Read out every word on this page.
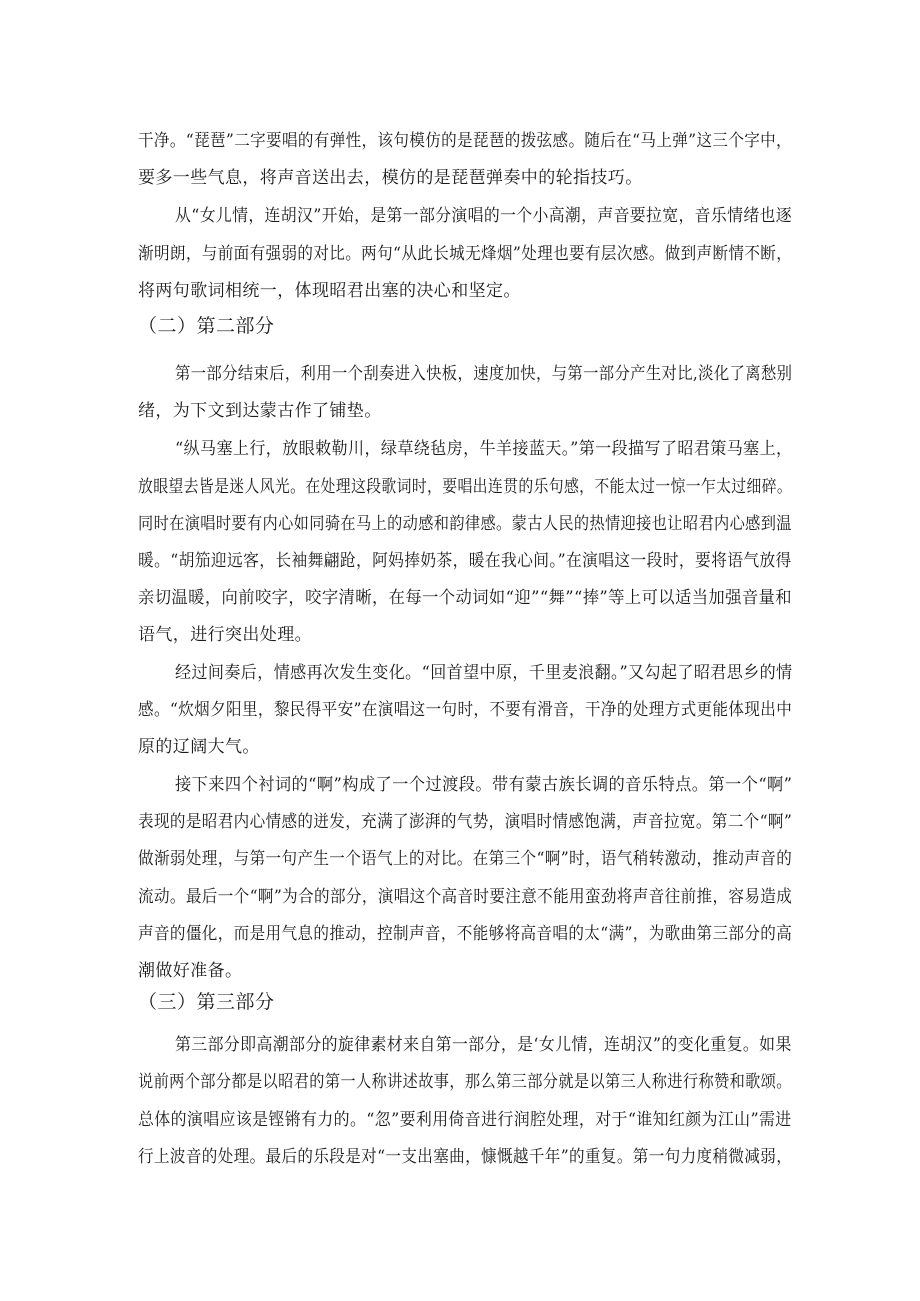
干净。“琵琶”二字要唱的有弹性，该句模仿的是琵琶的拨弦感。随后在“马上弹”这三个字中，
要多一些气息，将声音送出去，模仿的是琵琶弹奏中的轮指技巧。
从“女儿情，连胡汉”开始，是第一部分演唱的一个小高潮，声音要拉宽，音乐情绪也逐
渐明朗，与前面有强弱的对比。两句“从此长城无烽烟”处理也要有层次感。做到声断情不断，
将两句歌词相统一，体现昭君出塞的决心和坚定。
（二）第二部分
第一部分结束后，利用一个刮奏进入快板，速度加快，与第一部分产生对比,淡化了离愁别
绪，为下文到达蒙古作了铺垫。
“纵马塞上行，放眼敕勒川，绿草绕毡房，牛羊接蓝天。”第一段描写了昭君策马塞上，
放眼望去皆是迷人风光。在处理这段歌词时，要唱出连贯的乐句感，不能太过一惊一乍太过细碎。
同时在演唱时要有内心如同骑在马上的动感和韵律感。蒙古人民的热情迎接也让昭君内心感到温
暖。“胡笳迎远客，长袖舞翩跄，阿妈捧奶茶，暖在我心间。”在演唱这一段时，要将语气放得
亲切温暖，向前咬字，咬字清晰，在每一个动词如“迎”“舞”“捧”等上可以适当加强音量和
语气，进行突出处理。
经过间奏后，情感再次发生变化。“回首望中原，千里麦浪翻。”又勾起了昭君思乡的情
感。“炊烟夕阳里，黎民得平安”在演唱这一句时，不要有滑音，干净的处理方式更能体现出中
原的辽阔大气。
接下来四个衬词的“啊”构成了一个过渡段。带有蒙古族长调的音乐特点。第一个“啊”
表现的是昭君内心情感的迸发，充满了澎湃的气势，演唱时情感饱满，声音拉宽。第二个“啊”
做渐弱处理，与第一句产生一个语气上的对比。在第三个“啊”时，语气稍转激动，推动声音的
流动。最后一个“啊”为合的部分，演唱这个高音时要注意不能用蛮劲将声音往前推，容易造成
声音的僵化，而是用气息的推动，控制声音，不能够将高音唱的太“满”，为歌曲第三部分的高
潮做好准备。
（三）第三部分
第三部分即高潮部分的旋律素材来自第一部分，是‘女儿情，连胡汉”的变化重复。如果
说前两个部分都是以昭君的第一人称讲述故事，那么第三部分就是以第三人称进行称赞和歌颂。
总体的演唱应该是铿锵有力的。“忽”要利用倚音进行润腔处理，对于“谁知红颜为江山”需进
行上波音的处理。最后的乐段是对“一支出塞曲，慷慨越千年”的重复。第一句力度稍微减弱，
